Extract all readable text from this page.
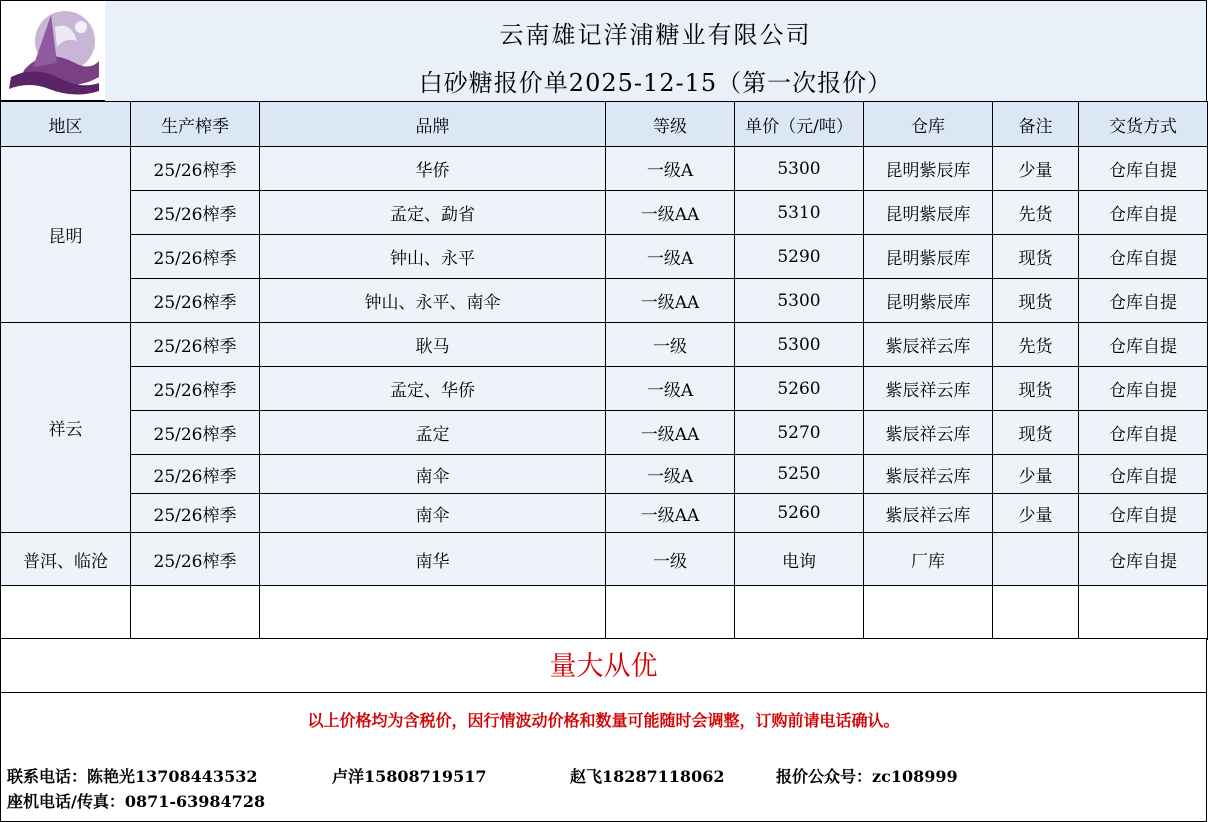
云南雄记洋浦糖业有限公司
白砂糖报价单2025-12-15（第一次报价）
地区	生产榨季	品牌	等级	单价（元/吨）	仓库	备注	交货方式
昆明	25/26榨季	华侨	一级A	5300	昆明紫辰库	少量	仓库自提
	25/26榨季	孟定、勐省	一级AA	5310	昆明紫辰库	先货	仓库自提
	25/26榨季	钟山、永平	一级A	5290	昆明紫辰库	现货	仓库自提
	25/26榨季	钟山、永平、南伞	一级AA	5300	昆明紫辰库	现货	仓库自提
祥云	25/26榨季	耿马	一级	5300	紫辰祥云库	先货	仓库自提
	25/26榨季	孟定、华侨	一级A	5260	紫辰祥云库	现货	仓库自提
	25/26榨季	孟定	一级AA	5270	紫辰祥云库	现货	仓库自提
	25/26榨季	南伞	一级A	5250	紫辰祥云库	少量	仓库自提
	25/26榨季	南伞	一级AA	5260	紫辰祥云库	少量	仓库自提
普洱、临沧	25/26榨季	南华	一级	电询	厂库		仓库自提

量大从优
以上价格均为含税价，因行情波动价格和数量可能随时会调整，订购前请电话确认。
联系电话：陈艳光13708443532	卢洋15808719517	赵飞18287118062	报价公众号：zc108999
座机电话/传真：0871-63984728
